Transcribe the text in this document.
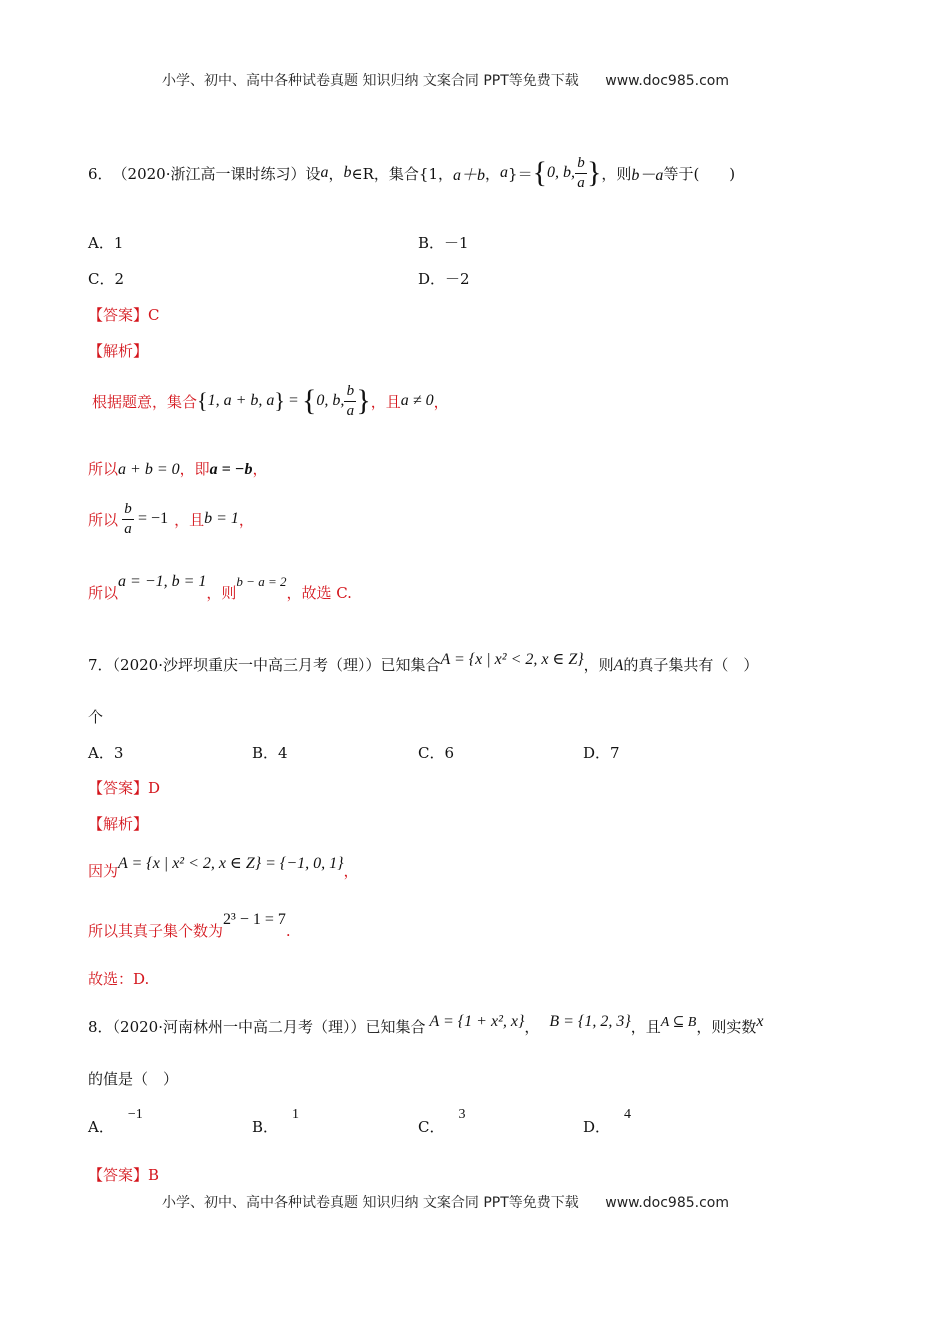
小学、初中、高中各种试卷真题 知识归纳 文案合同 PPT等免费下载 www.doc985.com
6． （2020·浙江高一课时练习）设 a ， b ∈R，集合{1， a＋b ， a }＝ { 0, b, $\frac{b}{a}$ } ，则 b－a 等于(　　)
A．1	B．－1
C．2	D．－2
【答案】C
【解析】
根据题意，集合 { 1, a + b, a } = { 0, b, $\frac{b}{a}$ } ，且 a ≠ 0 ，
所以a + b = 0，即a = −b，
所以 $\frac{b}{a} = -1$ ，且 b = 1 ，
所以a = −1, b = 1，则b − a = 2，故选 C.
7．（2020·沙坪坝重庆一中高三月考（理））已知集合A = {x | x² < 2, x ∈ Z}，则A的真子集共有（　）
个
A．3	B．4	C．6	D．7
【答案】D
【解析】
因为A = {x | x² < 2, x ∈ Z} = {−1, 0, 1}，
所以其真子集个数为2³ − 1 = 7.
故选：D.
8．（2020·河南林州一中高二月考（理））已知集合 A = {1 + x², x}， B = {1, 2, 3}，且A ⊆ B，则实数x
的值是（　）
A．−1
B．1
C．3
D．4
【答案】B
小学、初中、高中各种试卷真题 知识归纳 文案合同 PPT等免费下载 www.doc985.com
